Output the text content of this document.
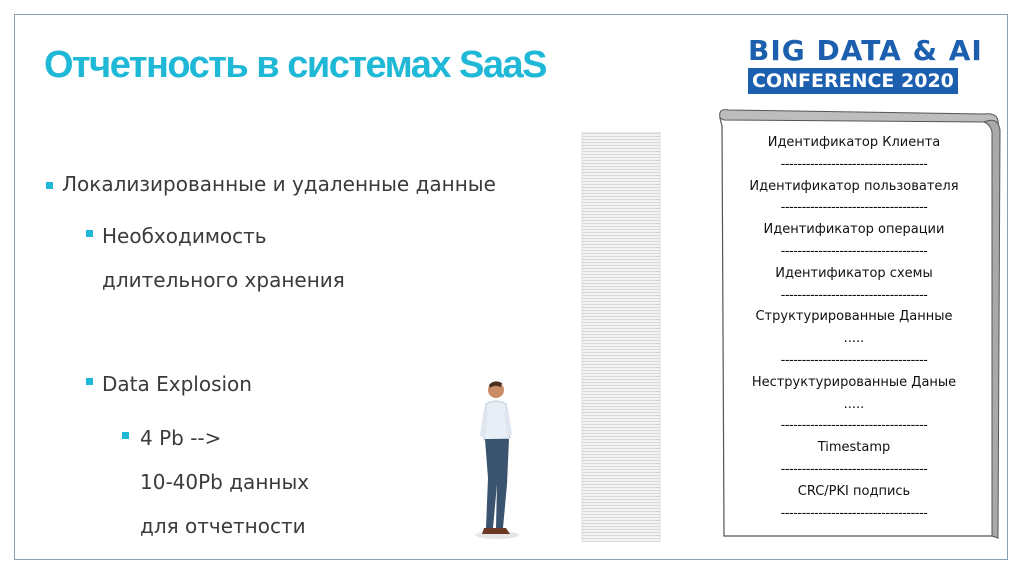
Отчетность в системах SaaS	BIG DATA & AI
CONFERENCE 2020
Локализированные и удаленные данные
Необходимость
длительного хранения
Data Explosion
4 Pb -->
10-40Pb данных
для отчетности
Идентификатор Клиента
-----------------------------------
Идентификатор пользователя
-----------------------------------
Идентификатор операции
-----------------------------------
Идентификатор схемы
-----------------------------------
Структурированные Данные
.....
-----------------------------------
Неструктурированные Даные
.....
-----------------------------------
Timestamp
-----------------------------------
CRC/PKI подпись
-----------------------------------
